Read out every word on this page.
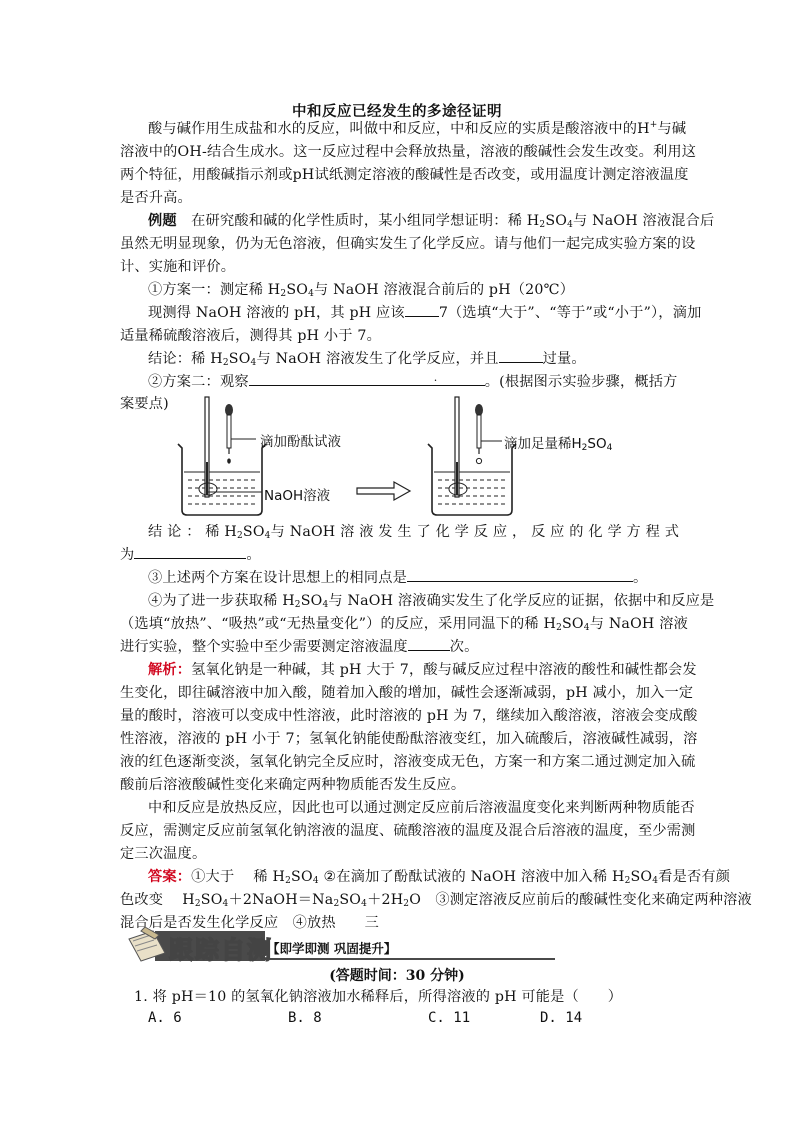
中和反应已经发生的多途径证明
酸与碱作用生成盐和水的反应，叫做中和反应，中和反应的实质是酸溶液中的H+与碱
溶液中的OH-结合生成水。这一反应过程中会释放热量，溶液的酸碱性会发生改变。利用这
两个特征，用酸碱指示剂或pH试纸测定溶液的酸碱性是否改变，或用温度计测定溶液温度
是否升高。
例题　 在研究酸和碱的化学性质时，某小组同学想证明：稀 $H_2SO_4$与 NaOH 溶液混合后
虽然无明显现象，仍为无色溶液，但确实发生了化学反应。请与他们一起完成实验方案的设
计、实施和评价。
①方案一：测定稀 $H_2SO_4$与 NaOH 溶液混合前后的 pH（20℃）
现测得 NaOH 溶液的 pH，其 pH 应该 7（选填“大于”、“等于”或“小于”），滴加
适量稀硫酸溶液后，测得其 pH 小于 7。
结论：稀 $H_2SO_4$与 NaOH 溶液发生了化学反应，并且	过量。
②方案二：观察	.	。(根据图示实验步骤，概括方
案要点)
滴加酚酞试液
NaOH溶液
滴加足量稀$H_2SO_4$
结 论 ： 稀 $H_2SO_4$与 NaOH 溶 液 发 生 了 化 学 反 应 ， 反 应 的 化 学 方 程 式
为	。
③上述两个方案在设计思想上的相同点是	。
④为了进一步获取稀 $H_2SO_4$与 NaOH 溶液确实发生了化学反应的证据，依据中和反应是
（选填“放热”、“吸热”或“无热量变化”）的反应，采用同温下的稀 $H_2SO_4$与 NaOH 溶液
进行实验，整个实验中至少需要测定溶液温度	次。
解析：氢氧化钠是一种碱，其 pH 大于 7，酸与碱反应过程中溶液的酸性和碱性都会发
生变化，即往碱溶液中加入酸，随着加入酸的增加，碱性会逐渐减弱，pH 减小，加入一定
量的酸时，溶液可以变成中性溶液，此时溶液的 pH 为 7，继续加入酸溶液，溶液会变成酸
性溶液，溶液的 pH 小于 7；氢氧化钠能使酚酞溶液变红，加入硫酸后，溶液碱性减弱，溶
液的红色逐渐变淡，氢氧化钠完全反应时，溶液变成无色，方案一和方案二通过测定加入硫
酸前后溶液酸碱性变化来确定两种物质能否发生反应。
中和反应是放热反应，因此也可以通过测定反应前后溶液温度变化来判断两种物质能否
反应，需测定反应前氢氧化钠溶液的温度、硫酸溶液的温度及混合后溶液的温度，至少需测
定三次温度。
答案：①大于　 稀 $H_2SO_4$ ②在滴加了酚酞试液的 NaOH 溶液中加入稀 $H_2SO_4$看是否有颜
色改变　 $H_2SO_4+2NaOH=Na_2SO_4+2H_2O$　③测定溶液反应前后的酸碱性变化来确定两种溶液
混合后是否发生化学反应　④放热　　三
跟踪自测
【即学即测 巩固提升】
(答题时间：30 分钟)
1. 将 pH＝10 的氢氧化钠溶液加水稀释后，所得溶液的 pH 可能是（　　）
A. 6	B. 8	C. 11	D. 14
